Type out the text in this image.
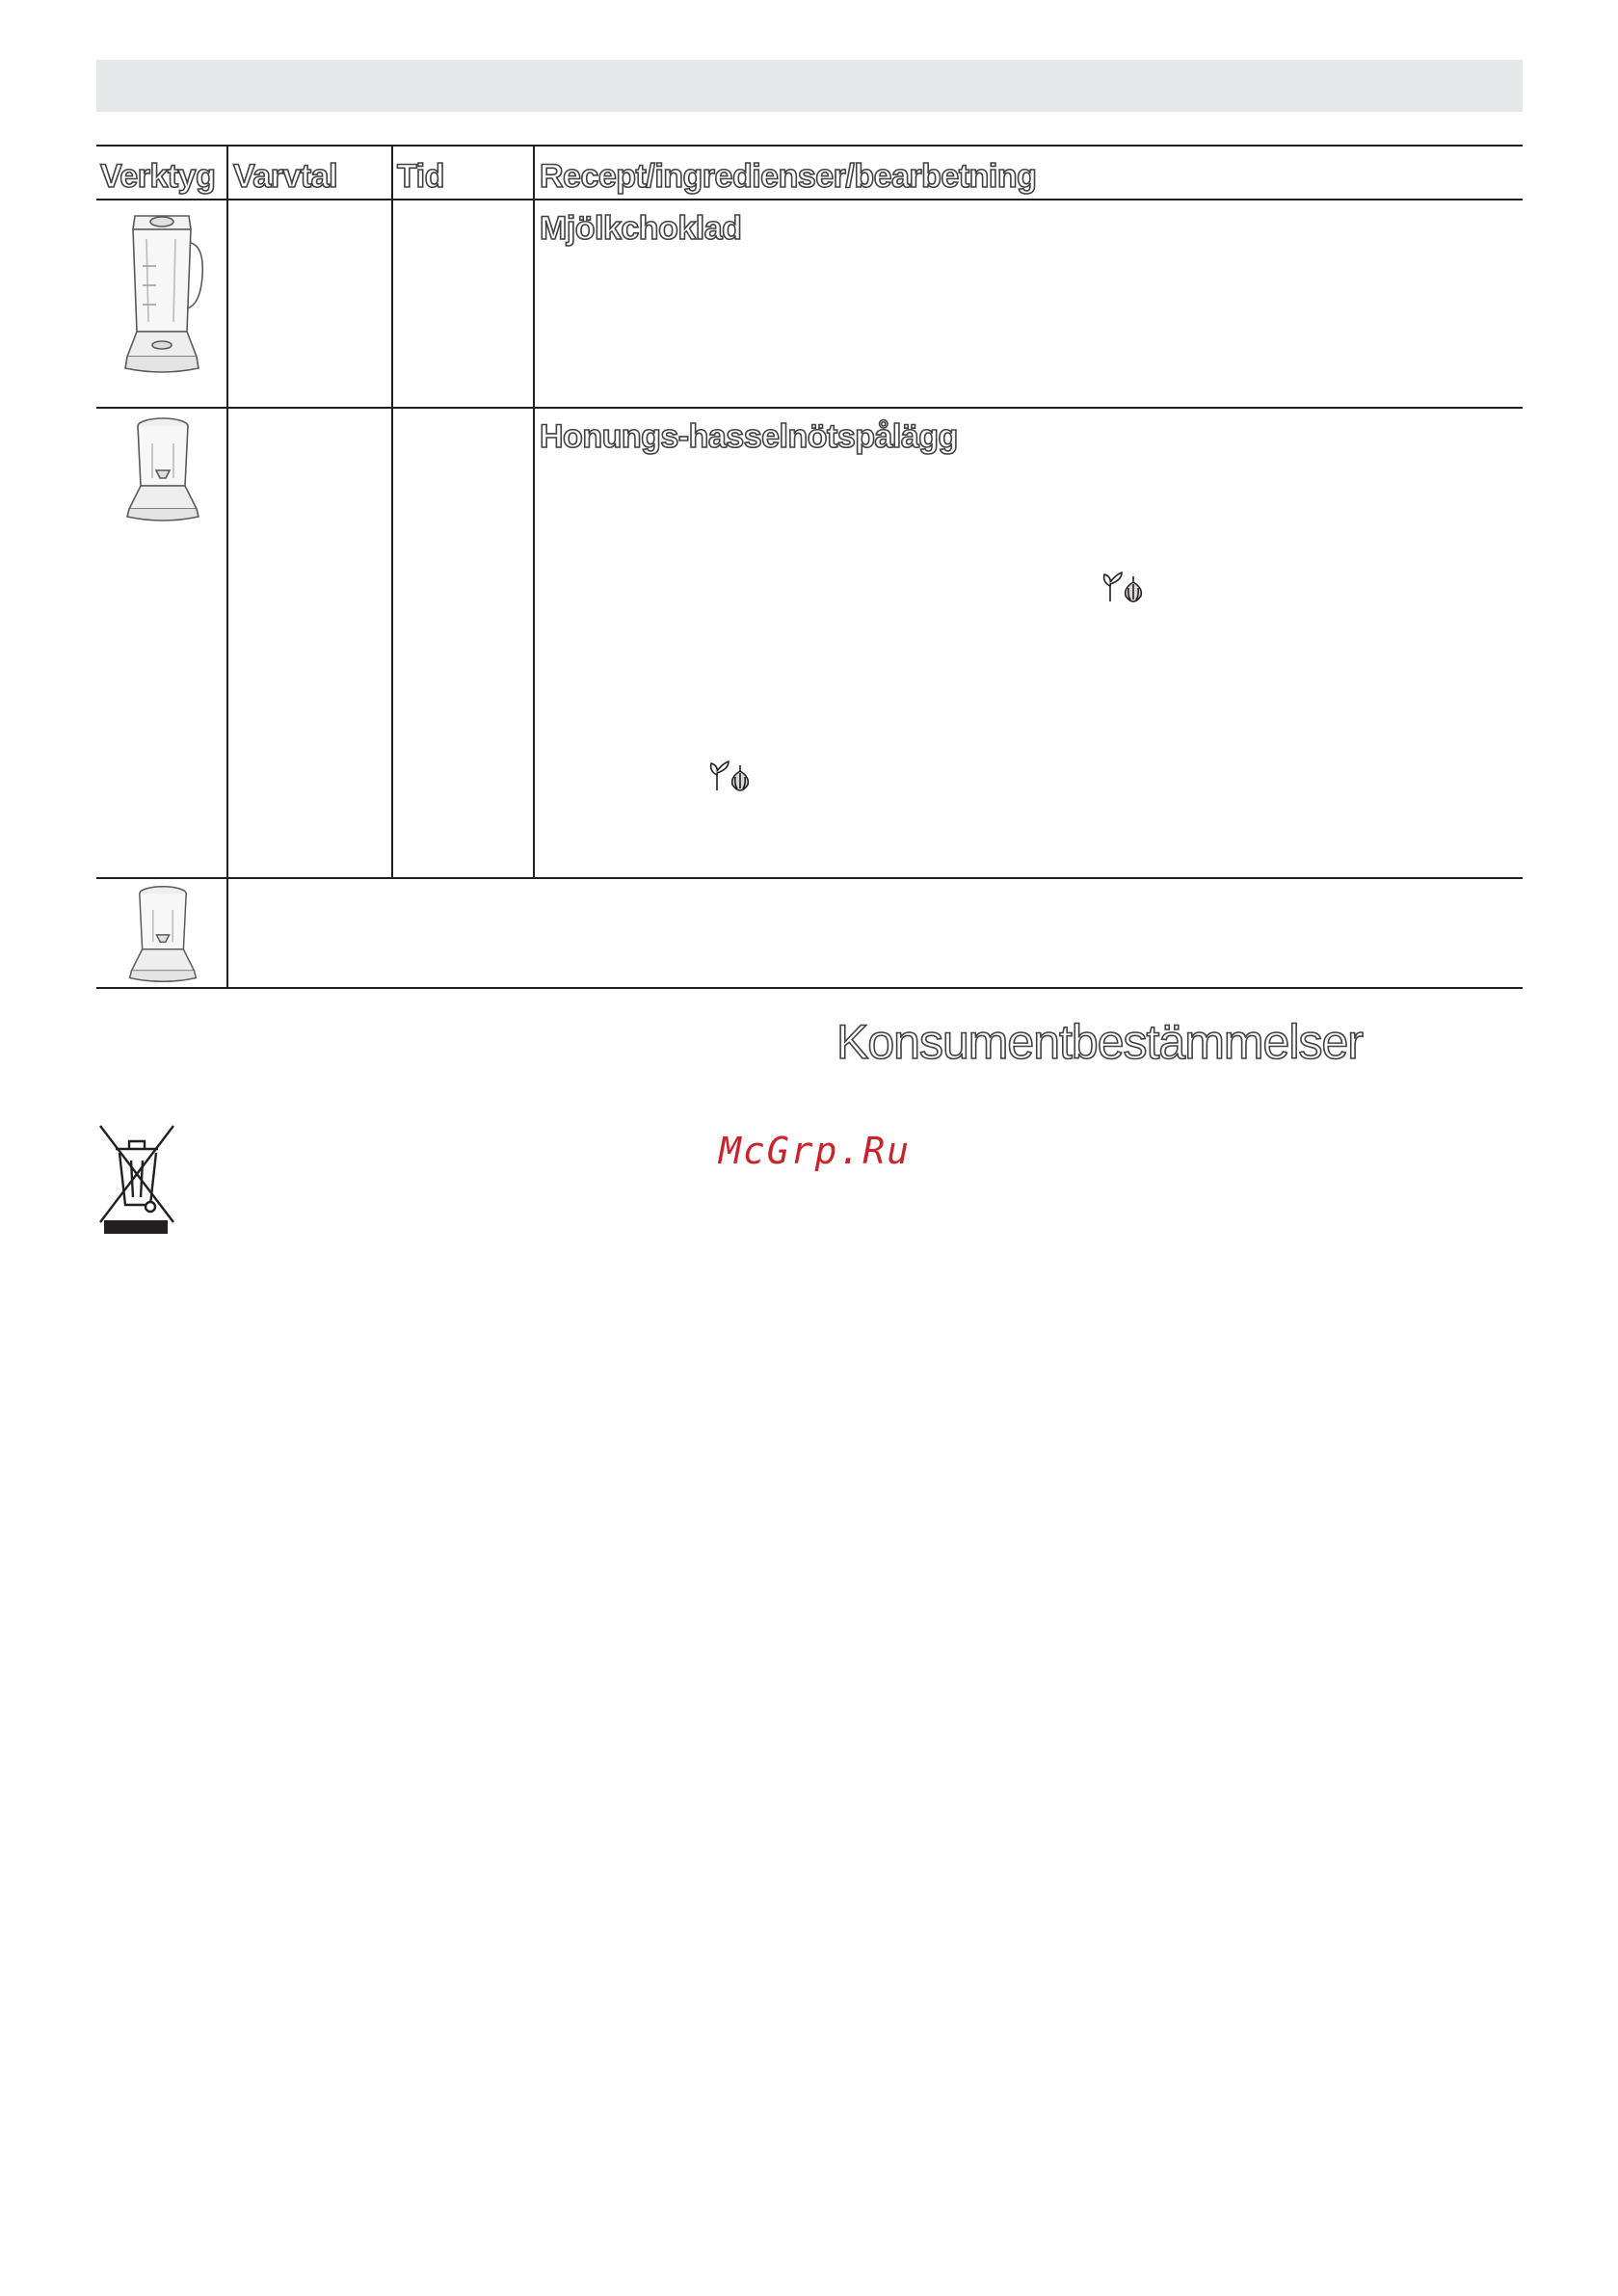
Verktyg Varvtal Tid	Recept/ingredienser/bearbetning
Mjölkchoklad
Honungs-hasselnötspålägg
Konsumentbestämmelser
McGrp.Ru
